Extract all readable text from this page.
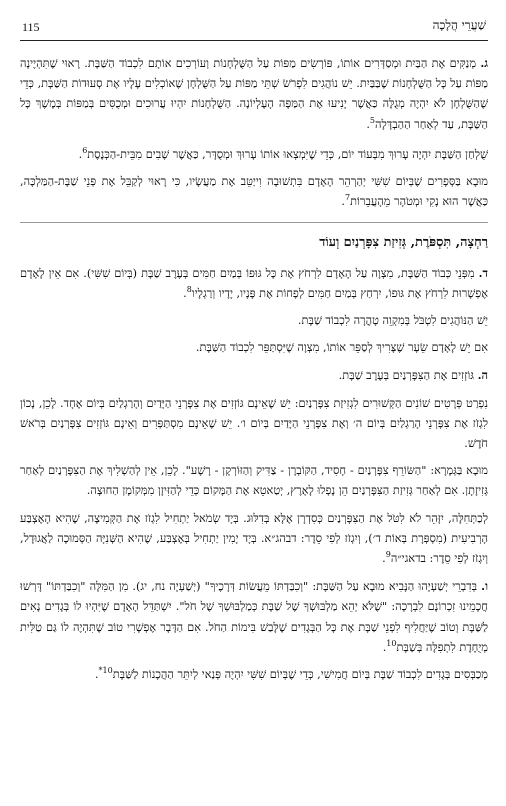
115	שַׁעֲרֵי הֲלָכָה

ג. מְנַקִּים אֶת הַבַּיִת וּמְסַדְּרִים אוֹתוֹ, פּוֹרְשִׂים מַפּוֹת עַל הַשֻּׁלְחָנוֹת וְעוֹרְכִים אוֹתָם לִכְבוֹד הַשַּׁבָּת. רָאוּי שֶׁתִּהְיֶינָה מַפּוֹת עַל כָּל הַשֻּׁלְחָנוֹת שֶׁבַּבַּיִת. יֵשׁ נוֹהֲגִים לִפְרֹשׂ שְׁתֵּי מַפּוֹת עַל הַשֻּׁלְחָן שֶׁאוֹכְלִים עָלָיו אֶת סְעוּדוֹת הַשַּׁבָּת, כְּדֵי שֶׁהַשֻּׁלְחָן לֹא יִהְיֶה מְגֻלֶּה כַּאֲשֶׁר יָנִיעוּ אֶת הַמַּפָּה הָעֶלְיוֹנָה. הַשֻּׁלְחָנוֹת יִהְיוּ עֲרוּכִים וּמְכֻסִּים בְּמַפּוֹת בְּמֶשֶׁךְ כָּל הַשַּׁבָּת, עַד לְאַחַר הַהַבְדָּלָה$^5$.

שֻׁלְחַן הַשַּׁבָּת יִהְיֶה עָרוּךְ מִבְּעוֹד יוֹם, כְּדֵי שֶׁיִּמְצְאוּ אוֹתוֹ עָרוּךְ וּמְסֻדָּר, כַּאֲשֶׁר שָׁבִים מִבֵּית-הַכְּנֶסֶת$^6$.

מוּבָא בַּסְּפָרִים שֶׁבְּיוֹם שִׁשִּׁי יְהַרְהֵר הָאָדָם בִּתְשׁוּבָה וִייַטֵּב אֶת מַעֲשָׂיו, כִּי רָאוּי לְקַבֵּל אֶת פְּנֵי שַׁבָּת-הַמַּלְכָּה, כַּאֲשֶׁר הוּא נָקִי וּמְטֹהָר מֵהָעֲבֵרוֹת$^7$.

רַחְצָה, תִּסְפֹּרֶת, גְּזִיזַת צִפָּרְנַיִם וְעוֹד

ד. מִפְּנֵי כְּבוֹד הַשַּׁבָּת, מִצְוָה עַל הָאָדָם לִרְחֹץ אֶת כָּל גּוּפוֹ בְּמַיִם חַמִּים בְּעֶרֶב שַׁבָּת (בְּיוֹם שִׁשִּׁי). אִם אֵין לָאָדָם אֶפְשָׁרוּת לִרְחֹץ אֶת גּוּפוֹ, יִרְחַץ בְּמַיִם חַמִּים לְפָחוֹת אֶת פָּנָיו, יָדָיו וְרַגְלָיו$^8$.

יֵשׁ הַנּוֹהֲגִים לִטְבֹּל בְּמִקְוֵה טָהֳרָה לִכְבוֹד שַׁבָּת.

אִם יֵשׁ לָאָדָם שֵׂעָר שֶׁצָּרִיךְ לְסַפֵּר אוֹתוֹ, מִצְוָה שֶׁיִּסְתַּפֵּר לִכְבוֹד הַשַּׁבָּת.

ה. גּוֹזְזִים אֶת הַצִּפָּרְנַיִם בְּעֶרֶב שַׁבָּת.

נִפְרַט פְּרָטִים שׁוֹנִים הַקְּשׁוּרִים לִגְזִיזַת צִפָּרְנַיִם: יֵשׁ שֶׁאֵינָם גּוֹזְזִים אֶת צִפָּרְנֵי הַיָּדַיִם וְהָרַגְלַיִם בְּיוֹם אֶחָד. לָכֵן, נָכוֹן לִגְזֹז אֶת צִפָּרְנֵי הָרַגְלַיִם בְּיוֹם ה׳ וְאֶת צִפָּרְנֵי הַיָּדַיִם בְּיוֹם ו׳. יֵשׁ שֶׁאֵינָם מִסְתַּפְּרִים וְאֵינָם גּוֹזְזִים צִפָּרְנַיִם בְּרֹאשׁ חֹדֶשׁ.

מוּבָא בַּגְּמָרָא: "הַשּׂוֹרֵף צִפָּרְנַיִם - חָסִיד, הַקּוֹבְרָן - צַדִּיק וְהַזּוֹרְקָן - רָשָׁע". לָכֵן, אֵין לְהַשְׁלִיךְ אֶת הַצִּפָּרְנַיִם לְאַחַר גְּזִיזָתָן. אִם לְאַחַר גְּזִיזַת הַצִּפָּרְנַיִם הֵן נָפְלוּ לָאָרֶץ, יְטַאטֵא אֶת הַמָּקוֹם כְּדֵי לְהַזִּיזָן מִמְּקוֹמָן הַחוּצָה.

לְכַתְּחִלָּה, יִזָּהֵר לֹא לִטֹּל אֶת הַצִּפָּרְנַיִם כְּסִדְרָן אֶלָּא בְּדִלּוּג. בְּיָד שְׂמֹאל יַתְחִיל לִגְזֹז אֶת הַקְּמִיצָה, שֶׁהִיא הָאֶצְבַּע הָרְבִיעִית (מִסְפְּרָת בְּאוֹת ד׳), וְיִגְזֹז לְפִי סֵדֶר: דבהג״א. בְּיָד יָמִין יַתְחִיל בְּאֶצְבַּע, שֶׁהִיא הַשְּׁנִיָּה הַסְּמוּכָה לַאֲגוּדָל, וְיִגְזֹז לְפִי סֵדֶר: בדאגי״ה$^9$.

ו. בְּדִבְרֵי יְשַׁעְיָהוּ הַנָּבִיא מוּבָא עַל הַשַּׁבָּת: "וְכִבַּדְתּוֹ מֵעֲשׂוֹת דְּרָכֶיךָ" (יְשַׁעְיָה נח, יג). מִן הַמִּלָּה "וְכִבַּדְתּוֹ" דָּרְשׁוּ חֲכָמֵינוּ זִכְרוֹנָם לִבְרָכָה: "שֶׁלֹּא יְהֵא מַלְבּוּשְׁךָ שֶׁל שַׁבָּת כְּמַלְבּוּשְׁךָ שֶׁל חֹל". יִשְׁתַּדֵּל הָאָדָם שֶׁיִּהְיוּ לוֹ בְּגָדִים נָאִים לַשַּׁבָּת וְטוֹב שֶׁיַּחֲלִיף לִפְנֵי שַׁבָּת אֶת כָּל הַבְּגָדִים שֶׁלָּבַשׁ בִּימוֹת הַחֹל. אִם הַדָּבָר אֶפְשָׁרִי טוֹב שֶׁתִּהְיֶה לוֹ גַּם טַלִּית מְיֻחֶדֶת לִתְפִלָּה בְּשַׁבָּת$^{10}$.

מְכַבְּסִים בְּגָדִים לִכְבוֹד שַׁבָּת בְּיוֹם חֲמִישִׁי, כְּדֵי שֶׁבְּיוֹם שִׁשִּׁי יִהְיֶה פְּנַאי לְיִתֵּר הַהֲכָנוֹת לַשַּׁבָּת$^{10*}$.
